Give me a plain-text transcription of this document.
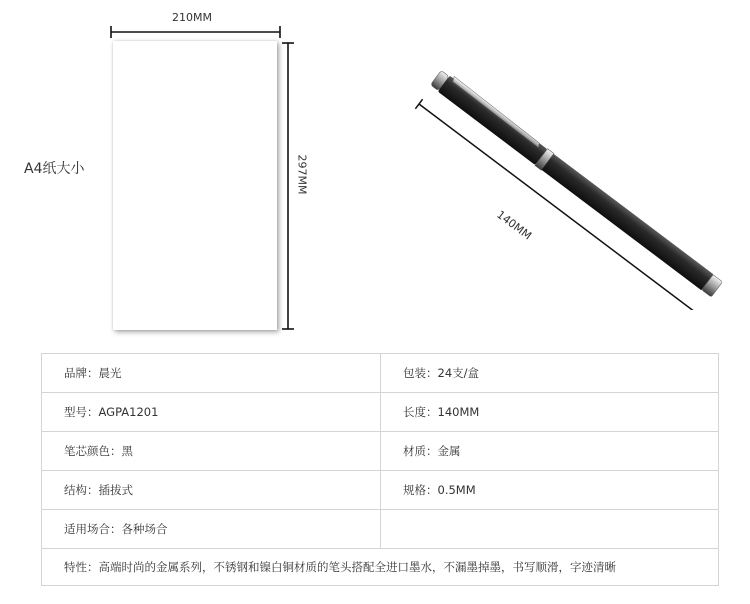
210MM
297MM
A4纸大小
140MM
品牌：晨光	包装：24支/盒
型号：AGPA1201	长度：140MM
笔芯颜色：黑	材质：金属
结构：插拔式	规格：0.5MM
适用场合：各种场合	
特性：高端时尚的金属系列，不锈钢和镍白铜材质的笔头搭配全进口墨水，不漏墨掉墨，书写顺滑，字迹清晰	
